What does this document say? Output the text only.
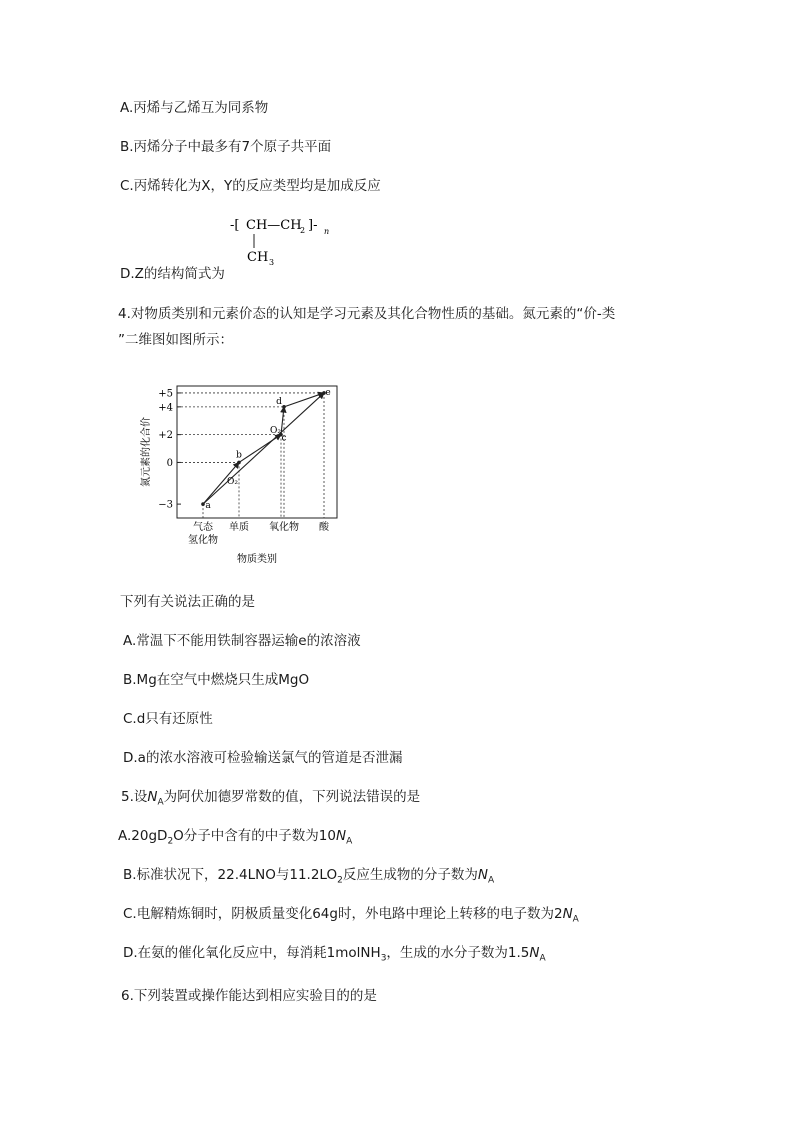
A.丙烯与乙烯互为同系物
B.丙烯分子中最多有7个原子共平面
C.丙烯转化为X，Y的反应类型均是加成反应
-[ CH—CH
2 ]- n
CH 3
D.Z的结构简式为
4.对物质类别和元素价态的认知是学习元素及其化合物性质的基础。氮元素的“价-类
”二维图如图所示：
+5
+4
+2
0
−3
气态
氢化物
单质 氧化物 酸
a
b
c
d
e
O₂
O₂
氮元素的化合价
物质类别
下列有关说法正确的是
A.常温下不能用铁制容器运输e的浓溶液
B.Mg在空气中燃烧只生成MgO
C.d只有还原性
D.a的浓水溶液可检验输送氯气的管道是否泄漏
5.设$N_A$为阿伏加德罗常数的值，下列说法错误的是
$A.20gD_2O$分子中含有的中子数为$10N_A$
B.标准状况下，22.4LNO与$11.2LO_2$反应生成物的分子数为$N_A$
C.电解精炼铜时，阴极质量变化64g时，外电路中理论上转移的电子数为$2N_A$
D.在氨的催化氧化反应中，每消耗1molNH$_3$，生成的水分子数为$1.5N_A$
6.下列装置或操作能达到相应实验目的的是
